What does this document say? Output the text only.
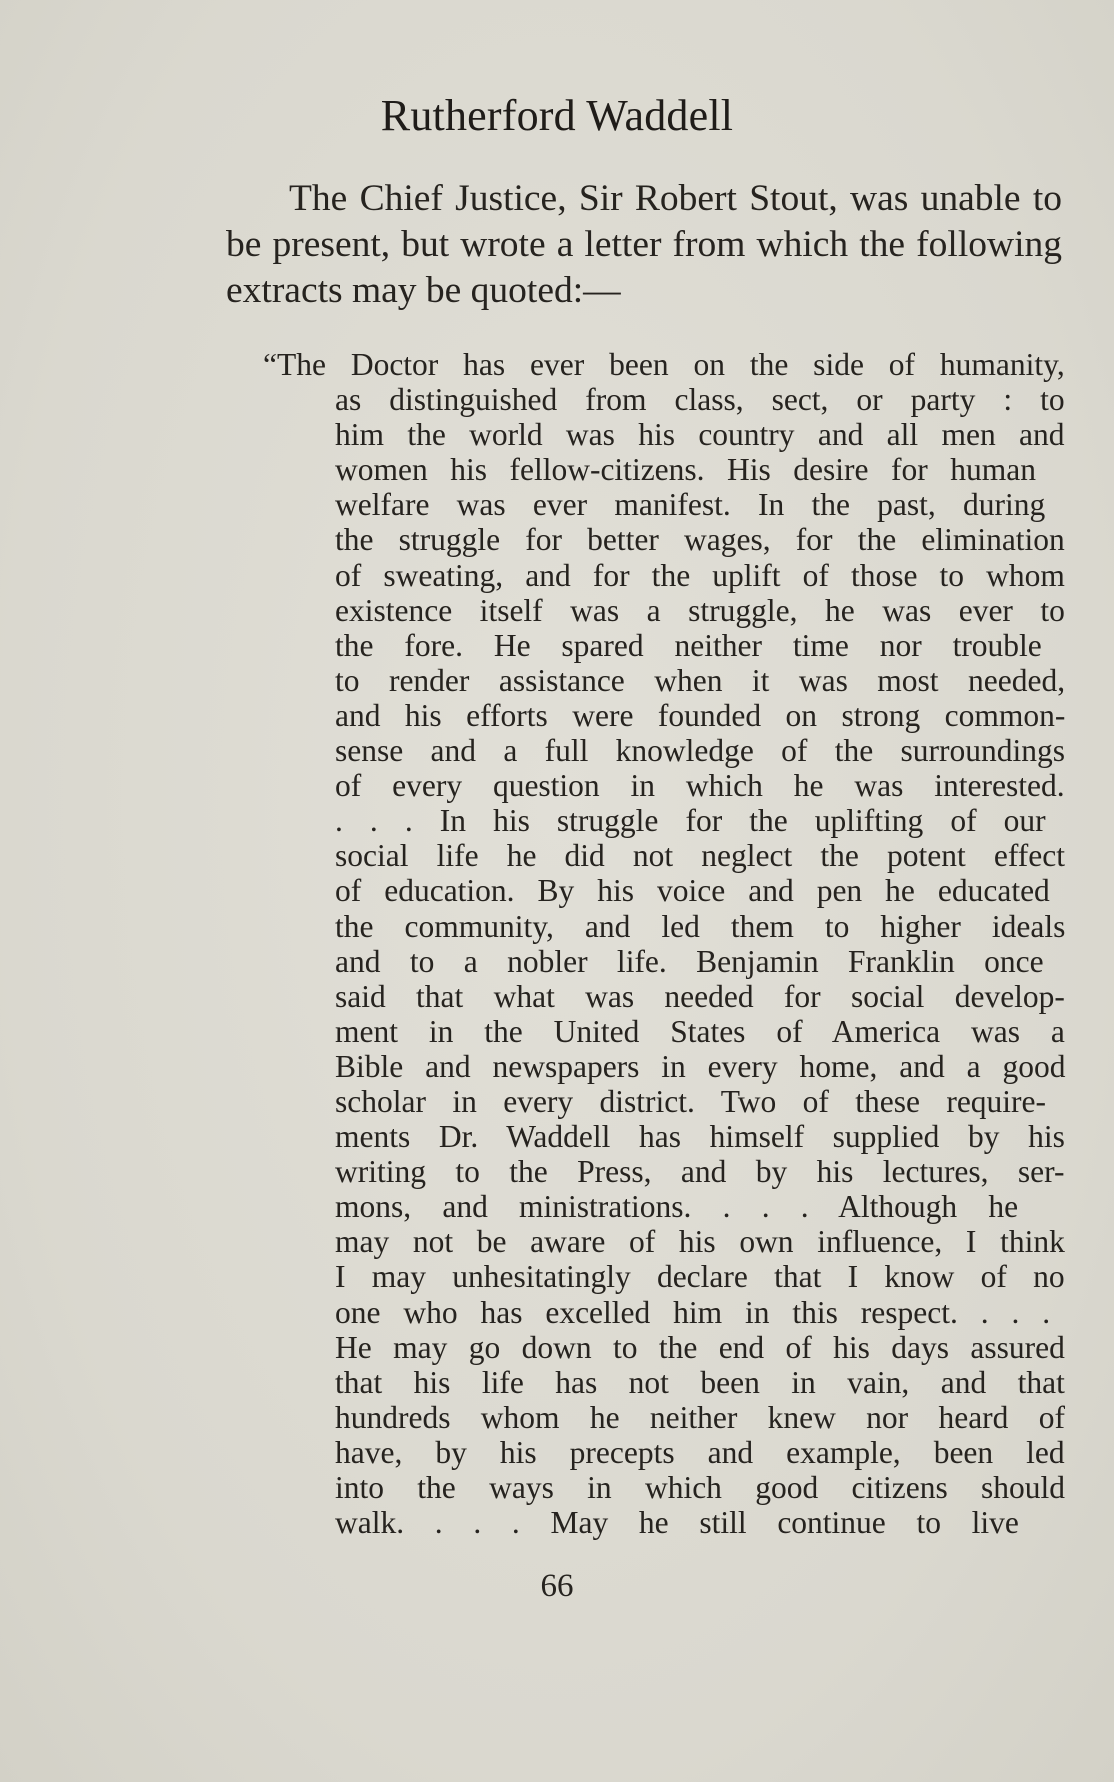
Rutherford Waddell

The Chief Justice, Sir Robert Stout, was unable to be present, but wrote a letter from which the following extracts may be quoted:—

“The Doctor has ever been on the side of humanity,
as distinguished from class, sect, or party : to
him the world was his country and all men and
women his fellow-citizens. His desire for human
welfare was ever manifest. In the past, during
the struggle for better wages, for the elimination
of sweating, and for the uplift of those to whom
existence itself was a struggle, he was ever to
the fore. He spared neither time nor trouble
to render assistance when it was most needed,
and his efforts were founded on strong common-
sense and a full knowledge of the surroundings
of every question in which he was interested.
. . . In his struggle for the uplifting of our
social life he did not neglect the potent effect
of education. By his voice and pen he educated
the community, and led them to higher ideals
and to a nobler life. Benjamin Franklin once
said that what was needed for social develop-
ment in the United States of America was a
Bible and newspapers in every home, and a good
scholar in every district. Two of these require-
ments Dr. Waddell has himself supplied by his
writing to the Press, and by his lectures, ser-
mons, and ministrations. . . . Although he
may not be aware of his own influence, I think
I may unhesitatingly declare that I know of no
one who has excelled him in this respect. . . .
He may go down to the end of his days assured
that his life has not been in vain, and that
hundreds whom he neither knew nor heard of
have, by his precepts and example, been led
into the ways in which good citizens should
walk. . . . May he still continue to live
66
